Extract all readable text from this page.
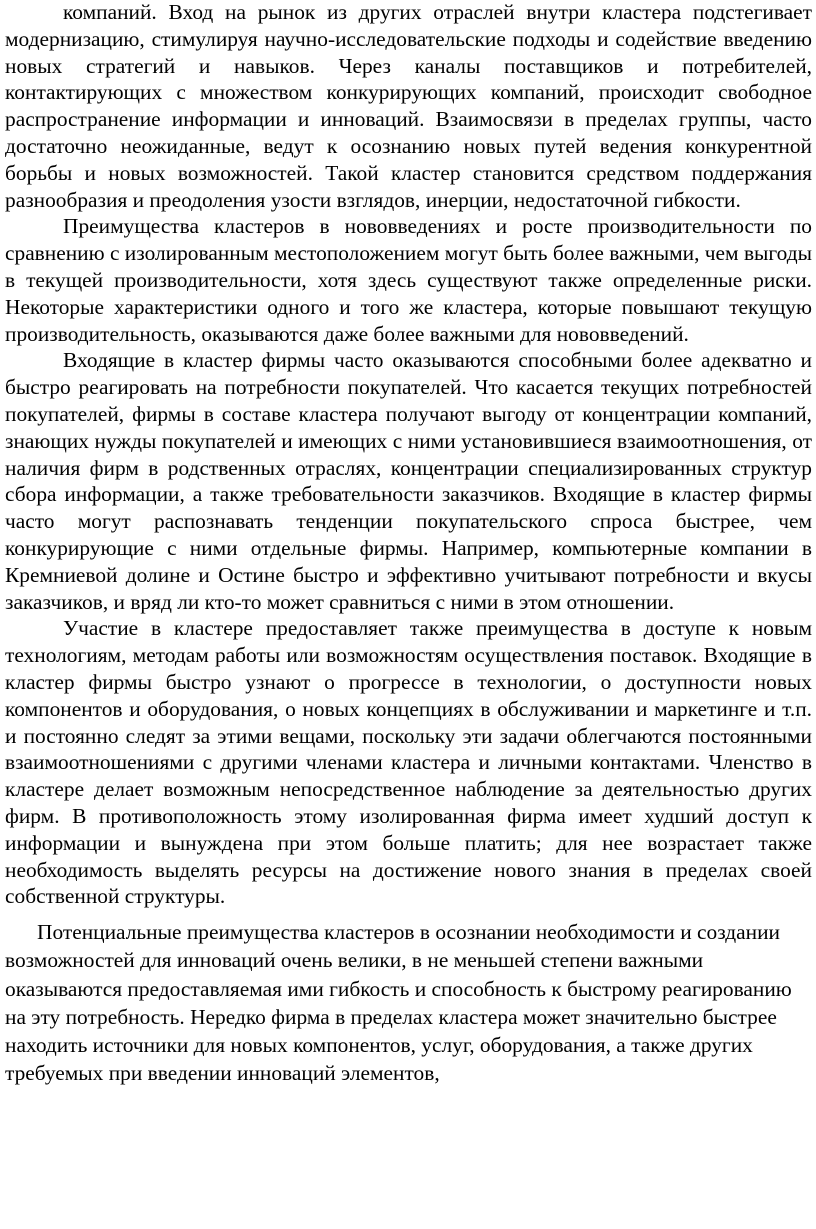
компаний. Вход на рынок из других отраслей внутри кластера подстегивает модернизацию, стимулируя научно-исследовательские подходы и содействие введению новых стратегий и навыков. Через каналы поставщиков и потребителей, контактирующих с множеством конкурирующих компаний, происходит свободное распространение информации и инноваций. Взаимосвязи в пределах группы, часто достаточно неожиданные, ведут к осознанию новых путей ведения конкурентной борьбы и новых возможностей. Такой кластер становится средством поддержания разнообразия и преодоления узости взглядов, инерции, недостаточной гибкости.

Преимущества кластеров в нововведениях и росте производительности по сравнению с изолированным местоположением могут быть более важными, чем выгоды в текущей производительности, хотя здесь существуют также определенные риски. Некоторые характеристики одного и того же кластера, которые повышают текущую производительность, оказываются даже более важными для нововведений.

Входящие в кластер фирмы часто оказываются способными более адекватно и быстро реагировать на потребности покупателей. Что касается текущих потребностей покупателей, фирмы в составе кластера получают выгоду от концентрации компаний, знающих нужды покупателей и имеющих с ними установившиеся взаимоотношения, от наличия фирм в родственных отраслях, концентрации специализированных структур сбора информации, а также требовательности заказчиков. Входящие в кластер фирмы часто могут распознавать тенденции покупательского спроса быстрее, чем конкурирующие с ними отдельные фирмы. Например, компьютерные компании в Кремниевой долине и Остине быстро и эффективно учитывают потребности и вкусы заказчиков, и вряд ли кто-то может сравниться с ними в этом отношении.

Участие в кластере предоставляет также преимущества в доступе к новым технологиям, методам работы или возможностям осуществления поставок. Входящие в кластер фирмы быстро узнают о прогрессе в технологии, о доступности новых компонентов и оборудования, о новых концепциях в обслуживании и маркетинге и т.п. и постоянно следят за этими вещами, поскольку эти задачи облегчаются постоянными взаимоотношениями с другими членами кластера и личными контактами. Членство в кластере делает возможным непосредственное наблюдение за деятельностью других фирм. В противоположность этому изолированная фирма имеет худший доступ к информации и вынуждена при этом больше платить; для нее возрастает также необходимость выделять ресурсы на достижение нового знания в пределах своей собственной структуры.

Потенциальные преимущества кластеров в осознании необходимости и создании возможностей для инноваций очень велики, в не меньшей степени важными оказываются предоставляемая ими гибкость и способность к быстрому реагированию на эту потребность. Нередко фирма в пределах кластера может значительно быстрее находить источники для новых компонентов, услуг, оборудования, а также других требуемых при введении инноваций элементов,
